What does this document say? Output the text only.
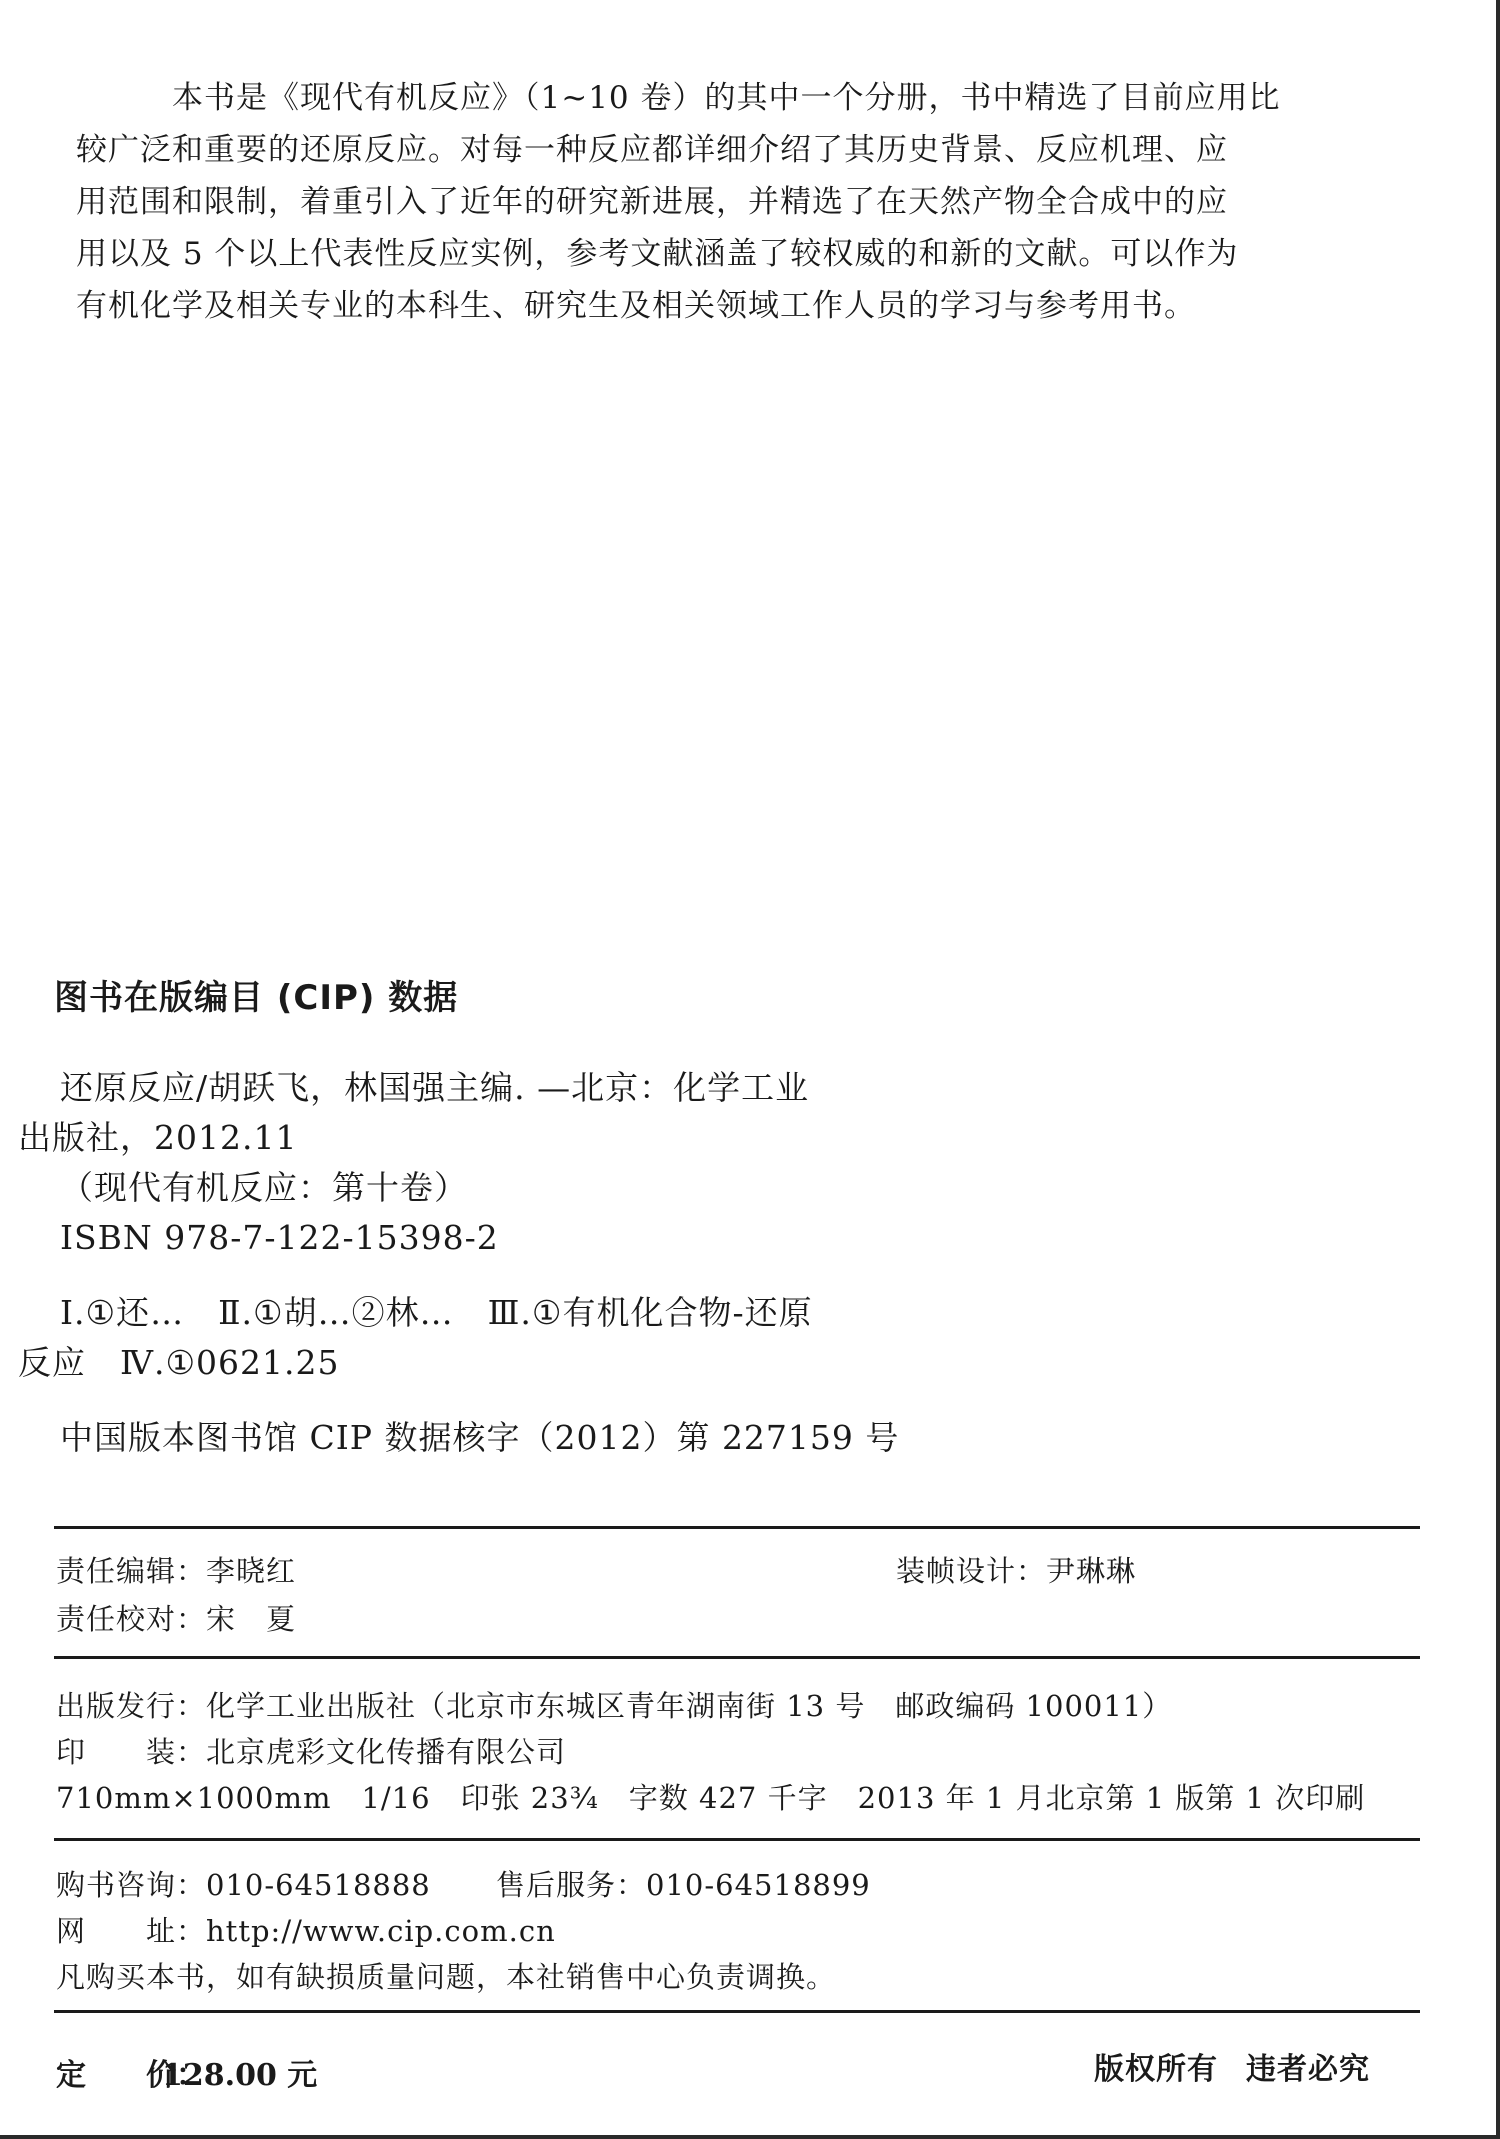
本书是《现代有机反应》（1~10 卷）的其中一个分册，书中精选了目前应用比
较广泛和重要的还原反应。对每一种反应都详细介绍了其历史背景、反应机理、应
用范围和限制，着重引入了近年的研究新进展，并精选了在天然产物全合成中的应
用以及 5 个以上代表性反应实例，参考文献涵盖了较权威的和新的文献。可以作为
有机化学及相关专业的本科生、研究生及相关领域工作人员的学习与参考用书。
图书在版编目 (CIP) 数据
还原反应/胡跃飞，林国强主编. —北京：化学工业
出版社，2012.11
（现代有机反应：第十卷）
ISBN 978-7-122-15398-2
Ⅰ.①还…　Ⅱ.①胡…②林…　Ⅲ.①有机化合物-还原
反应　Ⅳ.①0621.25
中国版本图书馆 CIP 数据核字（2012）第 227159 号
责任编辑：李晓红	装帧设计：尹琳琳
责任校对：宋　夏
出版发行：化学工业出版社（北京市东城区青年湖南街 13 号　邮政编码 100011）
印　　装：北京虎彩文化传播有限公司
710mm×1000mm　1/16　印张 23¾　字数 427 千字　2013 年 1 月北京第 1 版第 1 次印刷
购书咨询：010-64518888 售后服务：010-64518899
网　　址：http://www.cip.com.cn
凡购买本书，如有缺损质量问题，本社销售中心负责调换。
定　　价：
128.00 元	版权所有 违者必究
